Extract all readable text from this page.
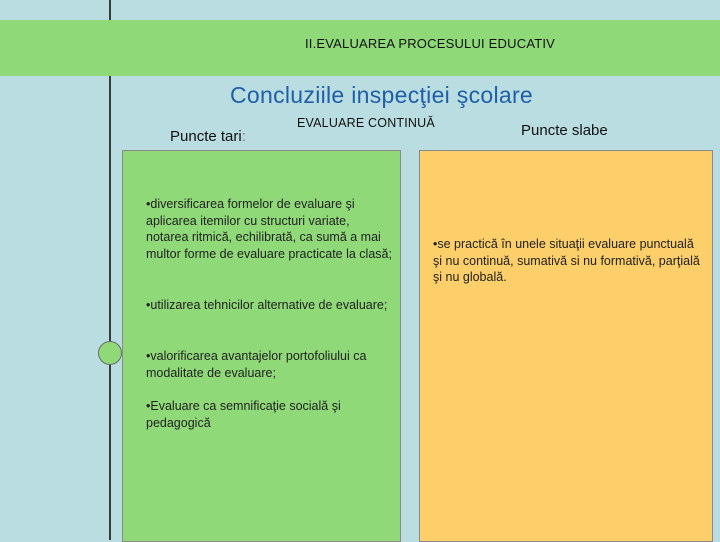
II.EVALUAREA PROCESULUI EDUCATIV
Concluziile inspecţiei şcolare
Puncte tari:
EVALUARE CONTINUĂ	Puncte slabe
•diversificarea formelor de evaluare şi aplicarea itemilor cu structuri variate, notarea ritmică, echilibrată, ca sumă a mai multor forme de evaluare practicate la clasă;
•utilizarea tehnicilor alternative de evaluare;
•valorificarea avantajelor portofoliului ca modalitate de evaluare;
•Evaluare ca semnificaţie socială şi pedagogică
•se practică în unele situaţii evaluare punctuală şi nu continuă, sumativă si nu formativă, parţială şi nu globală.
